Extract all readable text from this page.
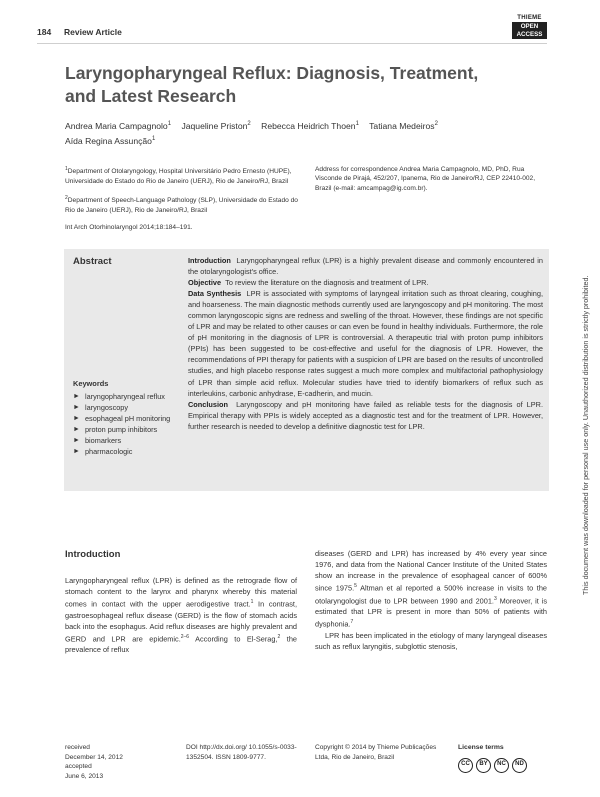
184 Review Article
THIEME
OPEN
ACCESS
Laryngopharyngeal Reflux: Diagnosis, Treatment, and Latest Research
Andrea Maria Campagnolo$^1$ Jaqueline Priston$^2$ Rebecca Heidrich Thoen$^1$ Tatiana Medeiros$^2$
Aída Regina Assunção$^1$
$^1$Department of Otolaryngology, Hospital Universitário Pedro Ernesto (HUPE), Universidade do Estado do Rio de Janeiro (UERJ), Rio de Janeiro/RJ, Brazil
$^2$Department of Speech-Language Pathology (SLP), Universidade do Estado do Rio de Janeiro (UERJ), Rio de Janeiro/RJ, Brazil
Address for correspondence Andrea Maria Campagnolo, MD, PhD, Rua Visconde de Pirajá, 452/207, Ipanema, Rio de Janeiro/RJ, CEP 22410-002, Brazil (e-mail: amcampag@ig.com.br).
Int Arch Otorhinolaryngol 2014;18:184–191.
Abstract
Keywords
► laryngopharyngeal reflux
► laryngoscopy
► esophageal pH monitoring
► proton pump inhibitors
► biomarkers
► pharmacologic

Introduction Laryngopharyngeal reflux (LPR) is a highly prevalent disease and commonly encountered in the otolaryngologist's office.

Objective To review the literature on the diagnosis and treatment of LPR.

Data Synthesis LPR is associated with symptoms of laryngeal irritation such as throat clearing, coughing, and hoarseness. The main diagnostic methods currently used are laryngoscopy and pH monitoring. The most common laryngoscopic signs are redness and swelling of the throat. However, these findings are not specific of LPR and may be related to other causes or can even be found in healthy individuals. Furthermore, the role of pH monitoring in the diagnosis of LPR is controversial. A therapeutic trial with proton pump inhibitors (PPIs) has been suggested to be cost-effective and useful for the diagnosis of LPR. However, the recommendations of PPI therapy for patients with a suspicion of LPR are based on the results of uncontrolled studies, and high placebo response rates suggest a much more complex and multifactorial pathophysiology of LPR than simple acid reflux. Molecular studies have tried to identify biomarkers of reflux such as interleukins, carbonic anhydrase, E-cadherin, and mucin.

Conclusion Laryngoscopy and pH monitoring have failed as reliable tests for the diagnosis of LPR. Empirical therapy with PPIs is widely accepted as a diagnostic test and for the treatment of LPR. However, further research is needed to develop a definitive diagnostic test for LPR.

Introduction

Laryngopharyngeal reflux (LPR) is defined as the retrograde flow of stomach content to the larynx and pharynx whereby this material comes in contact with the upper aerodigestive tract.$^1$ In contrast, gastroesophageal reflux disease (GERD) is the flow of stomach acids back into the esophagus. Acid reflux diseases are highly prevalent and GERD and LPR are epidemic.$^{2-6}$ According to El-Serag,$^2$ the prevalence of reflux

diseases (GERD and LPR) has increased by 4% every year since 1976, and data from the National Cancer Institute of the United States show an increase in the prevalence of esophageal cancer of 600% since 1975.$^5$ Altman et al reported a 500% increase in visits to the otolaryngologist due to LPR between 1990 and 2001.$^3$ Moreover, it is estimated that LPR is present in more than 50% of patients with dysphonia.$^7$

LPR has been implicated in the etiology of many laryngeal diseases such as reflux laryngitis, subglottic stenosis,

received
December 14, 2012
accepted
June 6, 2013
DOI http://dx.doi.org/ 10.1055/s-0033-1352504. ISSN 1809-9777.
Copyright © 2014 by Thieme Publicações Ltda, Rio de Janeiro, Brazil
License terms
CC	BY	NC	ND
This document was downloaded for personal use only. Unauthorized distribution is strictly prohibited.
